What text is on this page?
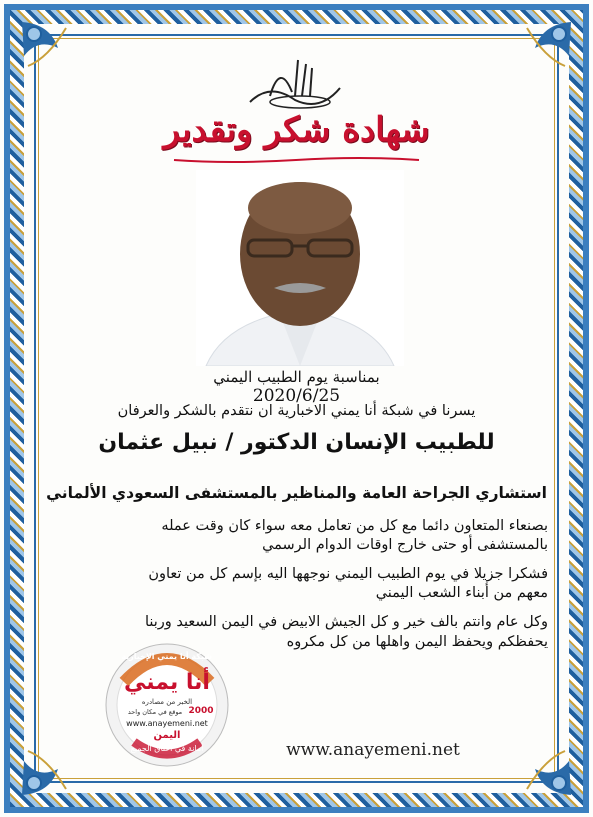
شهادة شكر وتقدير
بمناسبة يوم الطبيب اليمني
2020/6/25
يسرنا في شبكة أنا يمني الاخبارية ان نتقدم بالشكر والعرفان
للطبيب الإنسان الدكتور / نبيل عثمان
استشاري الجراحة العامة والمناظير بالمستشفى السعودي الألماني
بصنعاء المتعاون دائما مع كل من تعامل معه سواء كان وقت عمله
بالمستشفى أو حتى خارج اوقات الدوام الرسمي
فشكرا جزيلا في يوم الطبيب اليمني نوجهها اليه بإسم كل من تعاون
معهم من أبناء الشعب اليمني
وكل عام وانتم بالف خير و كل الجيش الابيض في اليمن السعيد وربنا
يحفظكم ويحفظ اليمن واهلها من كل مكروه
شبكة أنا يمني الإخبارية
أنا يمني
الخبر من مصادره
2000
موقع في مكان واحد
www.anayemeni.net
اليمن
أمانة في أعناق الجميع	www.anayemeni.net
